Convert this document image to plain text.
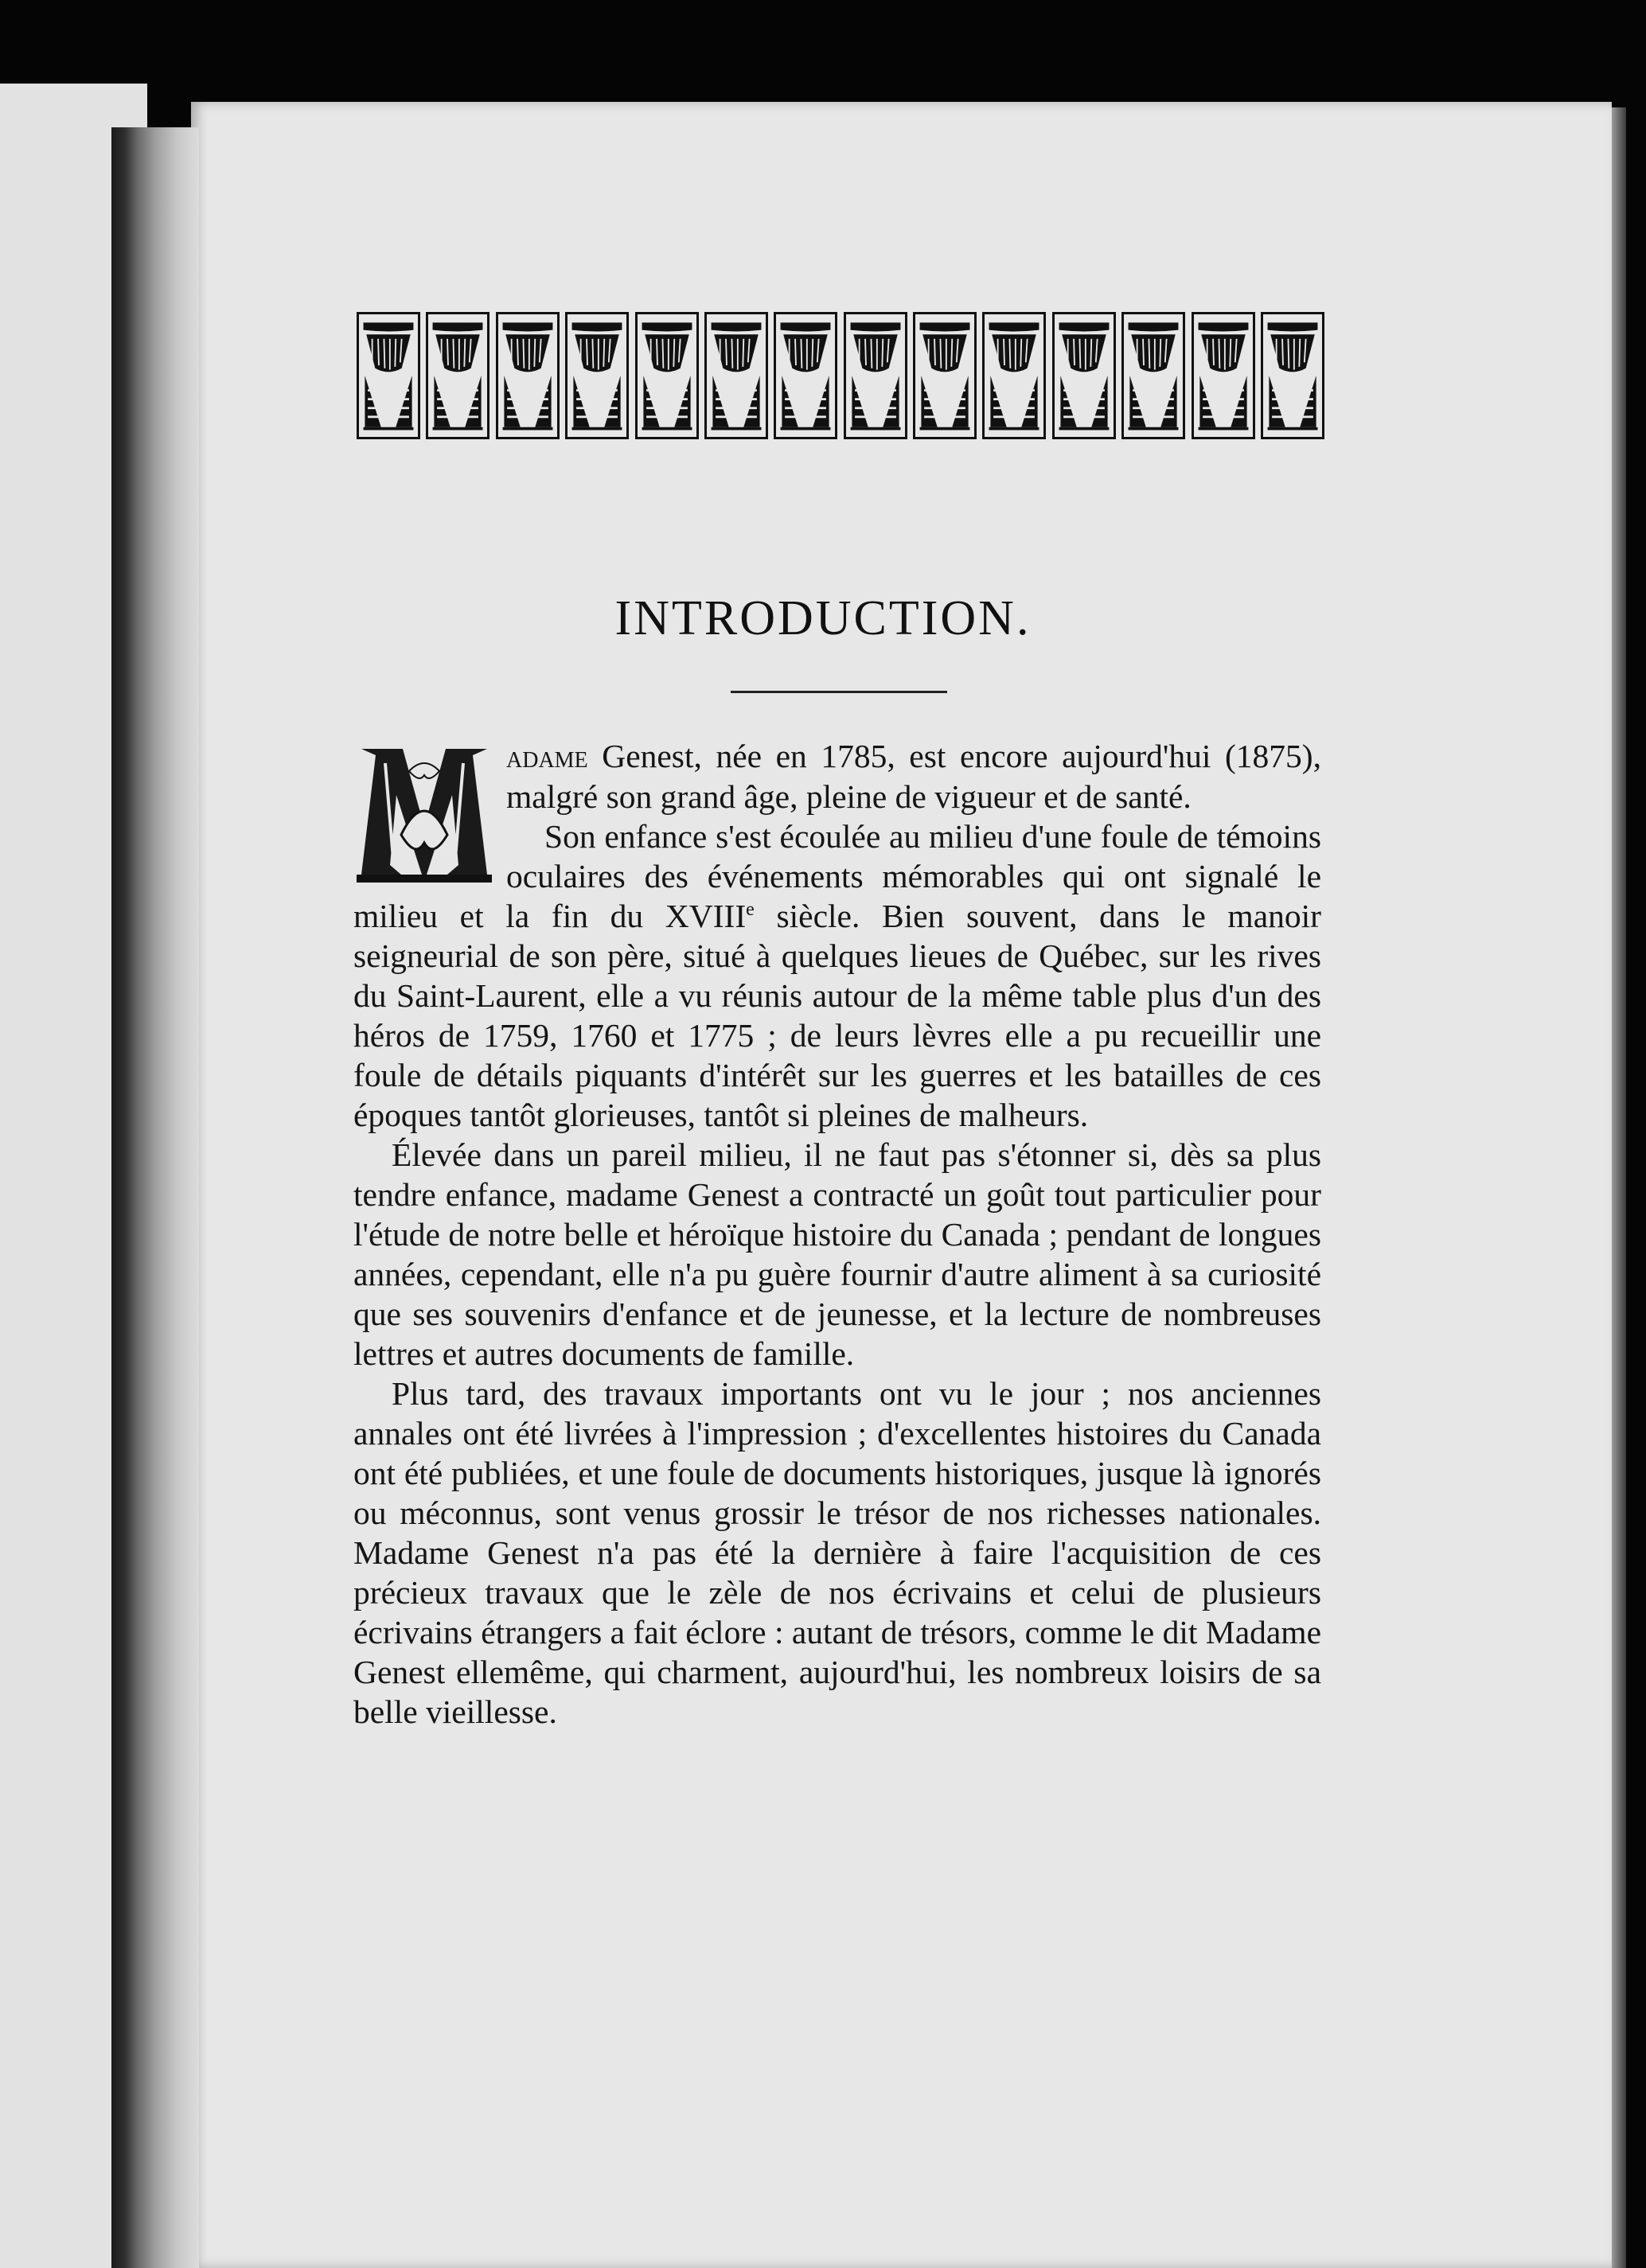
INTRODUCTION.

adame Genest, née en 1785, est encore aujourd'hui (1875), malgré son grand âge, pleine de vigueur et de santé.

Son enfance s'est écoulée au milieu d'une foule de témoins oculaires des événements mémorables qui ont signalé le milieu et la fin du XVIIIe siècle. Bien souvent, dans le manoir seigneurial de son père, situé à quelques lieues de Québec, sur les rives du Saint-Laurent, elle a vu réunis autour de la même table plus d'un des héros de 1759, 1760 et 1775 ; de leurs lèvres elle a pu recueillir une foule de détails piquants d'intérêt sur les guerres et les batailles de ces époques tantôt glorieuses, tantôt si pleines de malheurs.

Élevée dans un pareil milieu, il ne faut pas s'étonner si, dès sa plus tendre enfance, madame Genest a contracté un goût tout particulier pour l'étude de notre belle et héroïque histoire du Canada ; pendant de longues années, cependant, elle n'a pu guère fournir d'autre aliment à sa curiosité que ses souvenirs d'enfance et de jeunesse, et la lecture de nombreuses lettres et autres documents de famille.

Plus tard, des travaux importants ont vu le jour ; nos anciennes annales ont été livrées à l'impression ; d'excellentes histoires du Canada ont été publiées, et une foule de documents historiques, jusque là ignorés ou méconnus, sont venus grossir le trésor de nos richesses nationales. Madame Genest n'a pas été la dernière à faire l'acquisition de ces précieux travaux que le zèle de nos écrivains et celui de plusieurs écrivains étrangers a fait éclore : autant de trésors, comme le dit Madame Genest ellemême, qui charment, aujourd'hui, les nombreux loisirs de sa belle vieillesse.
